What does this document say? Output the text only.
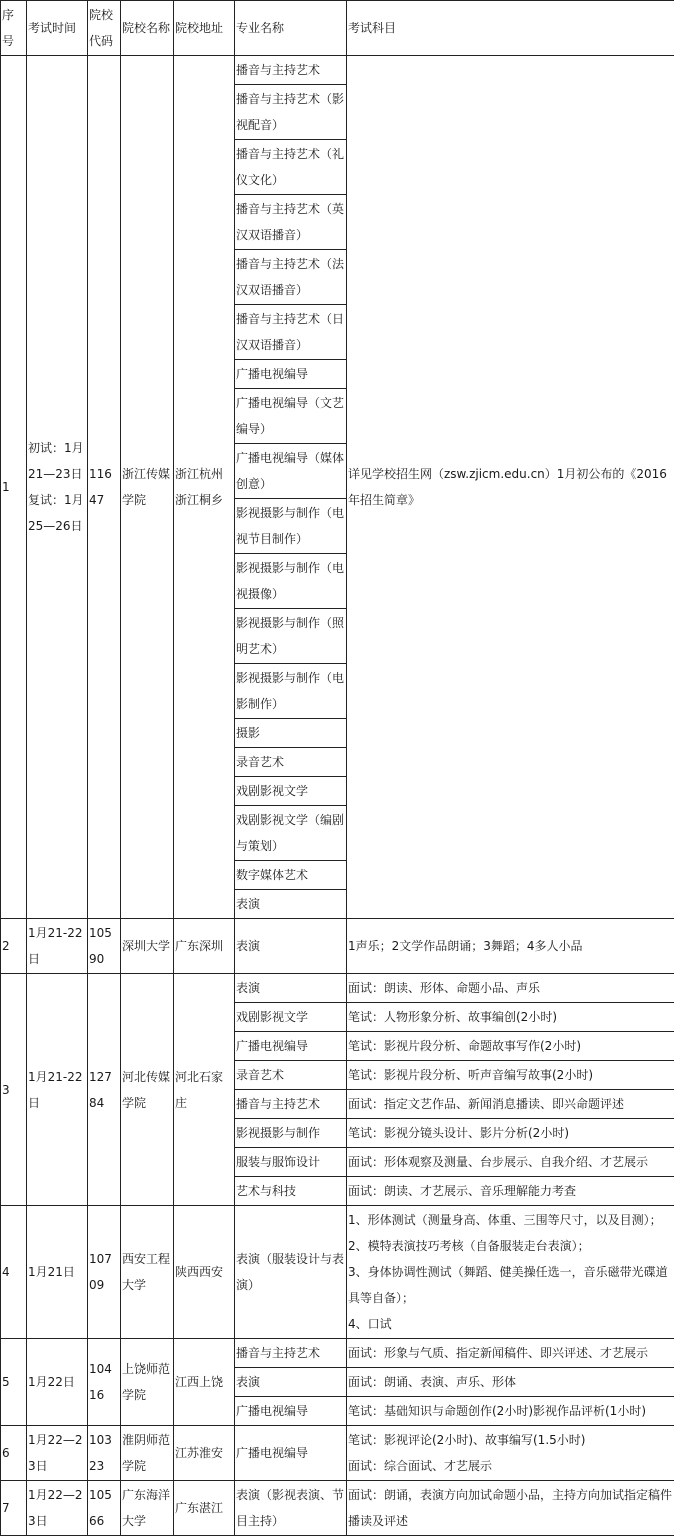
序号	考试时间	院校代码	院校名称	院校地址	专业名称	考试科目
1	初试：1月21—23日 复试：1月25—26日	11647	浙江传媒学院	浙江杭州浙江桐乡	播音与主持艺术	详见学校招生网（zsw.zjicm.edu.cn）1月初公布的《2016年招生简章》
					播音与主持艺术（影视配音）	
					播音与主持艺术（礼仪文化）	
					播音与主持艺术（英汉双语播音）	
					播音与主持艺术（法汉双语播音）	
					播音与主持艺术（日汉双语播音）	
					广播电视编导	
					广播电视编导（文艺编导）	
					广播电视编导（媒体创意）	
					影视摄影与制作（电视节目制作）	
					影视摄影与制作（电视摄像）	
					影视摄影与制作（照明艺术）	
					影视摄影与制作（电影制作）	
					摄影	
					录音艺术	
					戏剧影视文学	
					戏剧影视文学（编剧与策划）	
					数字媒体艺术	
					表演	
2	1月21-22日	10590	深圳大学	广东深圳	表演	1声乐；2文学作品朗诵；3舞蹈；4多人小品
3	1月21-22日	12784	河北传媒学院	河北石家庄	表演	面试：朗读、形体、命题小品、声乐
					戏剧影视文学	笔试：人物形象分析、故事编创(2小时)
					广播电视编导	笔试：影视片段分析、命题故事写作(2小时)
					录音艺术	笔试：影视片段分析、听声音编写故事(2小时)
					播音与主持艺术	面试：指定文艺作品、新闻消息播读、即兴命题评述
					影视摄影与制作	笔试：影视分镜头设计、影片分析(2小时)
					服装与服饰设计	面试：形体观察及测量、台步展示、自我介绍、才艺展示
					艺术与科技	面试：朗读、才艺展示、音乐理解能力考查
4	1月21日	10709	西安工程大学	陕西西安	表演（服装设计与表演）	1、形体测试（测量身高、体重、三围等尺寸，以及目测）；
2、模特表演技巧考核（自备服装走台表演）；
3、身体协调性测试（舞蹈、健美操任选一，音乐磁带光碟道具等自备）；
4、口试

5	1月22日	10416	上饶师范学院	江西上饶	播音与主持艺术	面试：形象与气质、指定新闻稿件、即兴评述、才艺展示
					表演	面试：朗诵、表演、声乐、形体
					广播电视编导	笔试：基础知识与命题创作(2小时)影视作品评析(1小时)
6	1月22—23日	10323	淮阴师范学院	江苏淮安	广播电视编导	笔试：影视评论(2小时)、故事编写(1.5小时)
面试：综合面试、才艺展示

7	1月22—23日	10566	广东海洋大学	广东湛江	表演（影视表演、节目主持）	面试：朗诵，表演方向加试命题小品，主持方向加试指定稿件播读及评述
